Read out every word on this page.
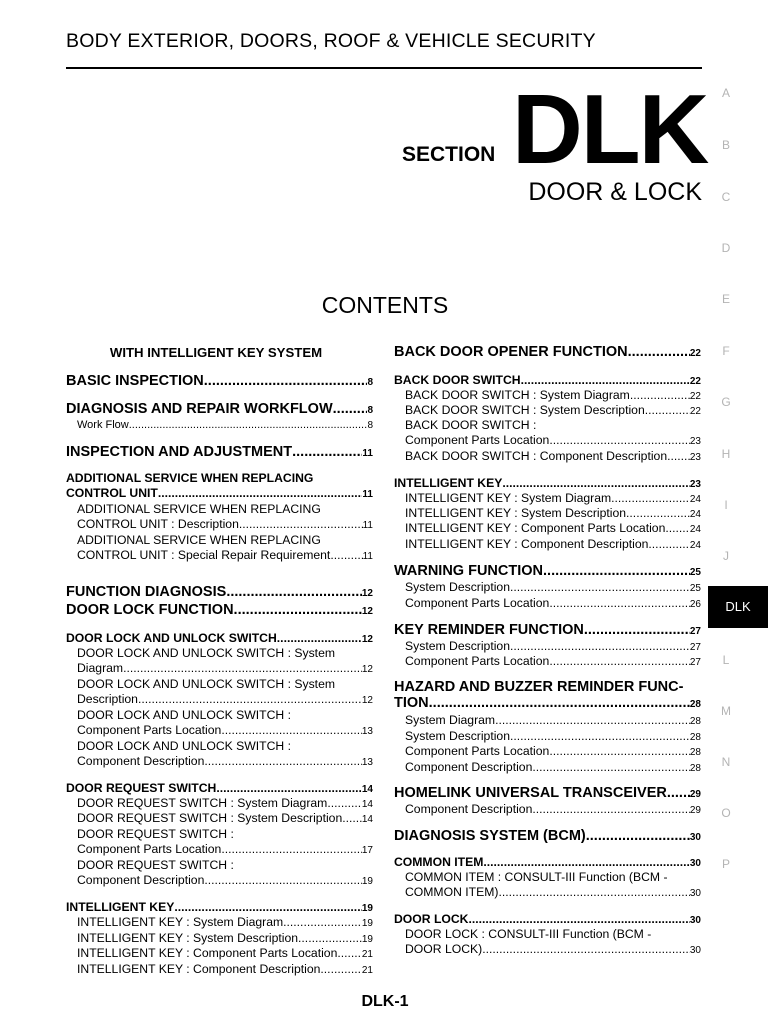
BODY EXTERIOR, DOORS, ROOF & VEHICLE SECURITY
SECTION DLK
DOOR & LOCK
CONTENTS
A
B
C
D
E
F
G
H
I
J
DLK
L
M
N
O
P
WITH INTELLIGENT KEY SYSTEM
BASIC INSPECTION .....	8
DIAGNOSIS AND REPAIR WORKFLOW .....	8
Work Flow .....	8
INSPECTION AND ADJUSTMENT .....	11
ADDITIONAL SERVICE WHEN REPLACING
CONTROL UNIT .....	11
ADDITIONAL SERVICE WHEN REPLACING
CONTROL UNIT : Description .....	11
ADDITIONAL SERVICE WHEN REPLACING
CONTROL UNIT : Special Repair Requirement .....	11
FUNCTION DIAGNOSIS .....	12
DOOR LOCK FUNCTION .....	12
DOOR LOCK AND UNLOCK SWITCH .....	12
DOOR LOCK AND UNLOCK SWITCH : System
Diagram .....	12
DOOR LOCK AND UNLOCK SWITCH : System
Description .....	12
DOOR LOCK AND UNLOCK SWITCH :
Component Parts Location .....	13
DOOR LOCK AND UNLOCK SWITCH :
Component Description .....	13
DOOR REQUEST SWITCH .....	14
DOOR REQUEST SWITCH : System Diagram .....	14
DOOR REQUEST SWITCH : System Description ..... 14
DOOR REQUEST SWITCH :
Component Parts Location .....	17
DOOR REQUEST SWITCH :
Component Description .....	19
INTELLIGENT KEY .....	19
INTELLIGENT KEY : System Diagram .....	19
INTELLIGENT KEY : System Description .....	19
INTELLIGENT KEY : Component Parts Location ..... 21
INTELLIGENT KEY : Component Description .....	21
BACK DOOR OPENER FUNCTION .....	22
BACK DOOR SWITCH .....	22
BACK DOOR SWITCH : System Diagram .....	22
BACK DOOR SWITCH : System Description .....	22
BACK DOOR SWITCH :
Component Parts Location .....	23
BACK DOOR SWITCH : Component Description ..... 23
INTELLIGENT KEY .....	23
INTELLIGENT KEY : System Diagram .....	24
INTELLIGENT KEY : System Description .....	24
INTELLIGENT KEY : Component Parts Location ..... 24
INTELLIGENT KEY : Component Description .....	24
WARNING FUNCTION .....	25
System Description .....	25
Component Parts Location .....	26
KEY REMINDER FUNCTION .....	27
System Description .....	27
Component Parts Location .....	27
HAZARD AND BUZZER REMINDER FUNC-
TION .....	28
System Diagram .....	28
System Description .....	28
Component Parts Location .....	28
Component Description .....	28
HOMELINK UNIVERSAL TRANSCEIVER ..... 29
Component Description .....	29
DIAGNOSIS SYSTEM (BCM) .....	30
COMMON ITEM .....	30
COMMON ITEM : CONSULT-III Function (BCM -
COMMON ITEM) .....	30
DOOR LOCK .....	30
DOOR LOCK : CONSULT-III Function (BCM -
DOOR LOCK) .....	30
DLK-1
